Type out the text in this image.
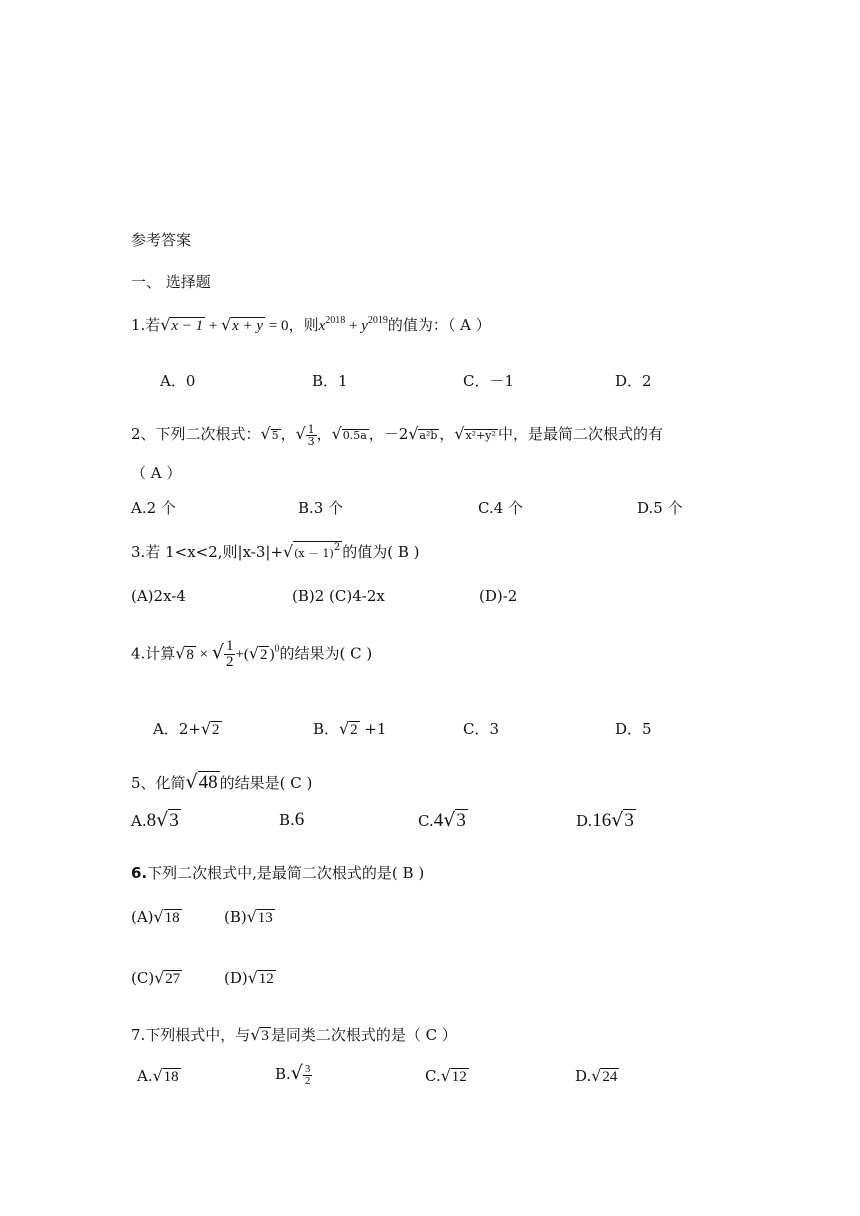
参考答案
一、 选择题
1.若√x − 1 + √x + y = 0，则$x^{2018} + y^{2019}$的值为：（ A ）
A．0	B．1	C．－1	D．2
2、下列二次根式：√5 ，√ $\frac{1}{3}$ ，√0.5a ，－2√a²b ，√x²+y² 中，是最简二次根式的有
（ A ）
A.2 个	B.3 个	C.4 个	D.5 个
3.若 1<x<2,则|x-3|+√(x － 1)2 的值为( B )
(A)2x-4	(B)2 (C)4-2x	(D)-2
4.计算√8 × √ $\frac{1}{2} +(√2$ )$^0$的结果为( C )
A．2+√2	B．√2 +1	C．3	D．5
5、化简√48 的结果是( C )
A.8√3	B.6	C.4√3	D.16√3
6.下列二次根式中,是最简二次根式的是( B )
(A)√18	(B)√13
(C)√27	(D)√12
7.下列根式中，与√3 是同类二次根式的是（ C ）
A.√18	$B.√ \frac{3}{2}$	C.√12	D.√24
